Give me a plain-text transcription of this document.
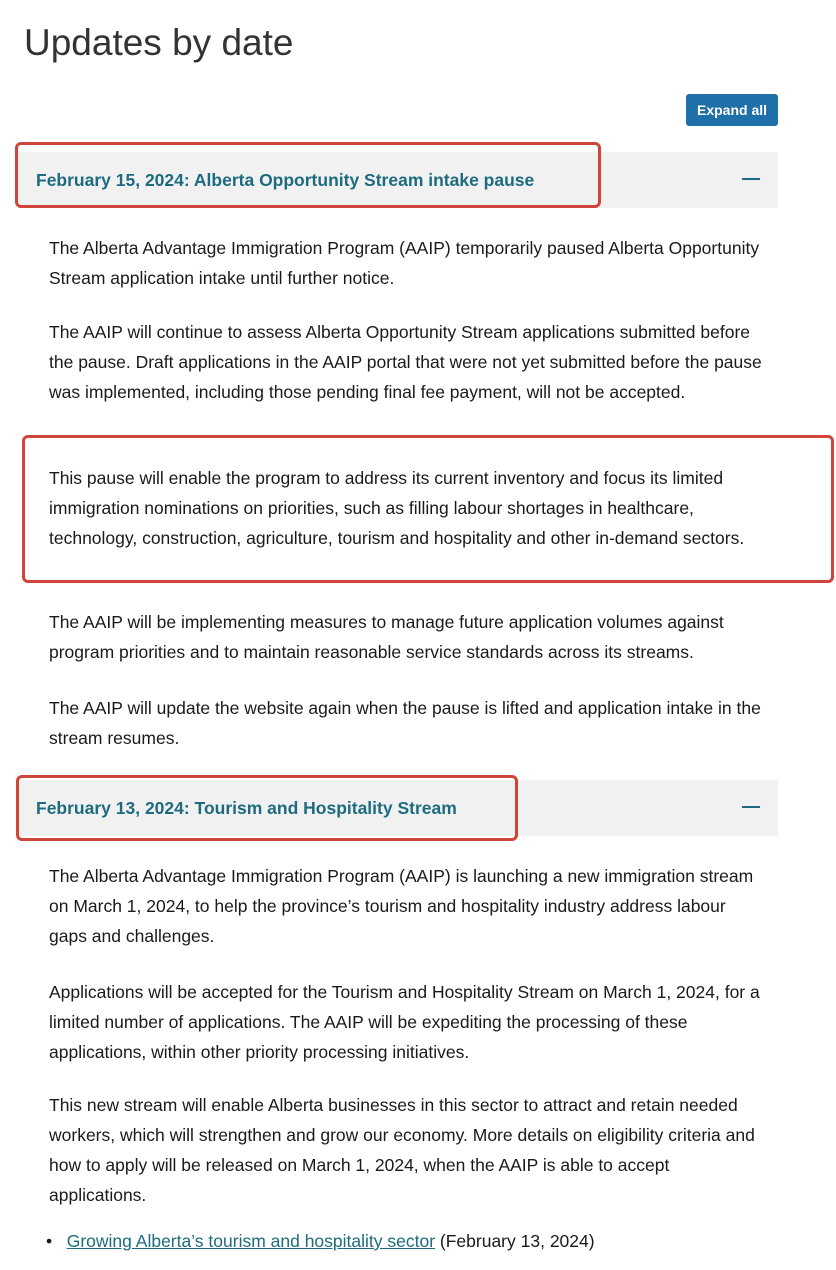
Updates by date
Expand all
February 15, 2024: Alberta Opportunity Stream intake pause

The Alberta Advantage Immigration Program (AAIP) temporarily paused Alberta Opportunity Stream application intake until further notice.

The AAIP will continue to assess Alberta Opportunity Stream applications submitted before the pause. Draft applications in the AAIP portal that were not yet submitted before the pause was implemented, including those pending final fee payment, will not be accepted.

This pause will enable the program to address its current inventory and focus its limited immigration nominations on priorities, such as filling labour shortages in healthcare, technology, construction, agriculture, tourism and hospitality and other in-demand sectors.

The AAIP will be implementing measures to manage future application volumes against program priorities and to maintain reasonable service standards across its streams.

The AAIP will update the website again when the pause is lifted and application intake in the stream resumes.

February 13, 2024: Tourism and Hospitality Stream

The Alberta Advantage Immigration Program (AAIP) is launching a new immigration stream on March 1, 2024, to help the province’s tourism and hospitality industry address labour gaps and challenges.

Applications will be accepted for the Tourism and Hospitality Stream on March 1, 2024, for a limited number of applications. The AAIP will be expediting the processing of these applications, within other priority processing initiatives.

This new stream will enable Alberta businesses in this sector to attract and retain needed workers, which will strengthen and grow our economy. More details on eligibility criteria and how to apply will be released on March 1, 2024, when the AAIP is able to accept applications.

•   Growing Alberta’s tourism and hospitality sector (February 13, 2024)
